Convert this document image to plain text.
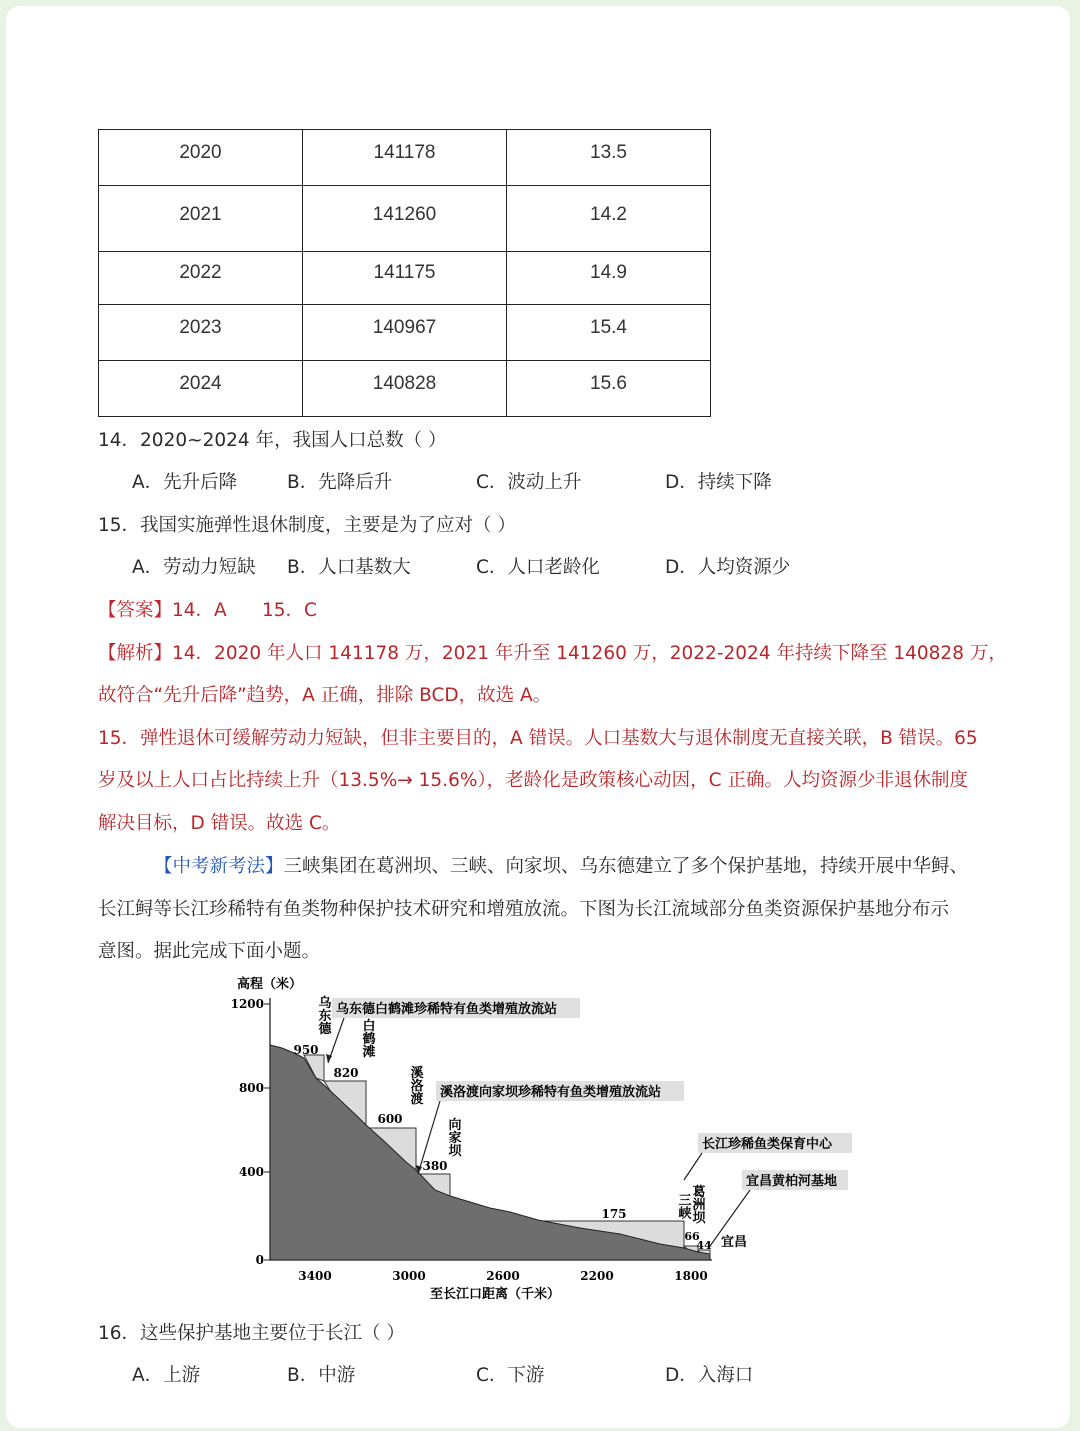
2020	141178	13.5
2021	141260	14.2
2022	141175	14.9
2023	140967	15.4
2024	140828	15.6
14．2020~2024 年，我国人口总数（ ）
A．先升后降	B．先降后升	C．波动上升	D．持续下降
15．我国实施弹性退休制度，主要是为了应对（ ）
A．劳动力短缺 B．人口基数大	C．人口老龄化	D．人均资源少
【答案】14．A      15．C
【解析】14．2020 年人口 141178 万，2021 年升至 141260 万，2022-2024 年持续下降至 140828 万，
故符合“先升后降”趋势，A 正确，排除 BCD，故选 A。
15．弹性退休可缓解劳动力短缺，但非主要目的，A 错误。人口基数大与退休制度无直接关联，B 错误。65
岁及以上人口占比持续上升（13.5%→ 15.6%），老龄化是政策核心动因，C 正确。人均资源少非退休制度
解决目标，D 错误。故选 C。
【中考新考法】三峡集团在葛洲坝、三峡、向家坝、乌东德建立了多个保护基地，持续开展中华鲟、
长江鲟等长江珍稀特有鱼类物种保护技术研究和增殖放流。下图为长江流域部分鱼类资源保护基地分布示
意图。据此完成下面小题。
高程（米）
1200
800
400
0
3400	3000	2600	2200	1800
至长江口距离（千米）
950
820
600
380
175
66
44
乌东德
白鹤滩
溪洛渡
向家坝
三峡 葛洲坝
宜昌
乌东德白鹤滩珍稀特有鱼类增殖放流站
溪洛渡向家坝珍稀特有鱼类增殖放流站
长江珍稀鱼类保育中心
宜昌黄柏河基地
16．这些保护基地主要位于长江（ ）
A．上游	B．中游	C．下游	D．入海口
